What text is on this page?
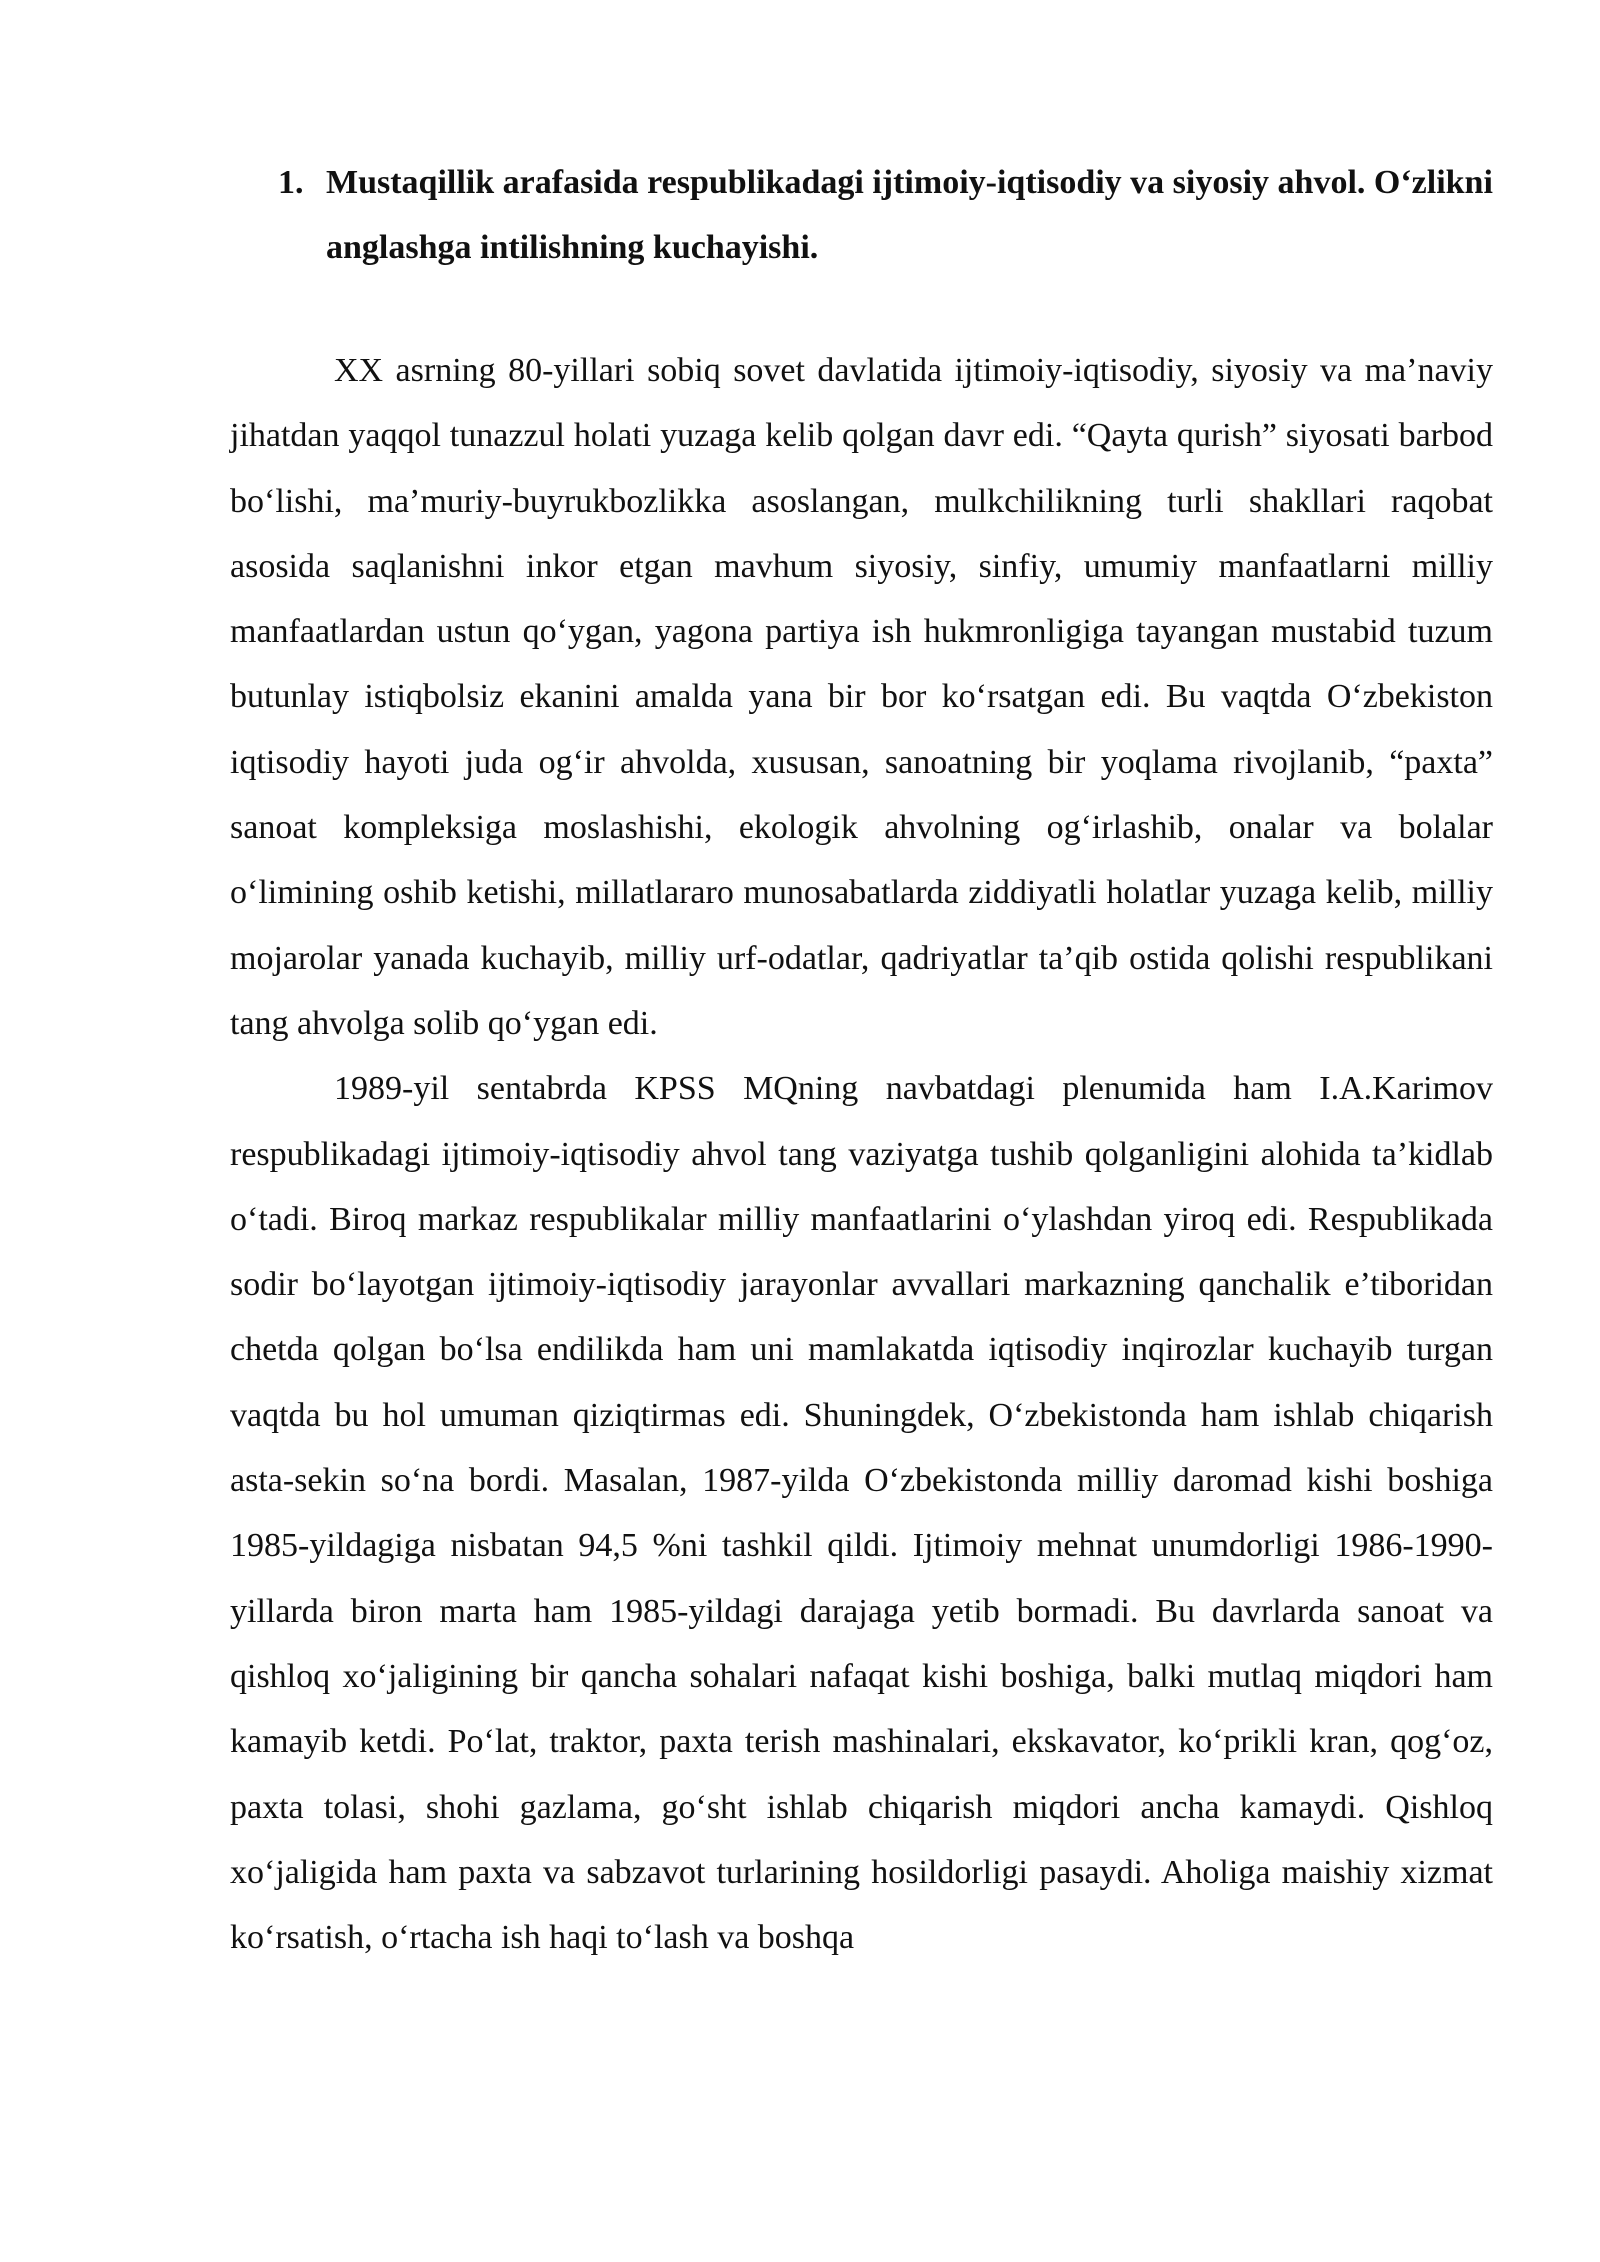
1. Mustaqillik arafasida respublikadagi ijtimoiy-iqtisodiy va siyosiy ahvol. O‘zlikni anglashga intilishning kuchayishi.

XX asrning 80-yillari sobiq sovet davlatida ijtimoiy-iqtisodiy, siyosiy va ma’naviy jihatdan yaqqol tunazzul holati yuzaga kelib qolgan davr edi. “Qayta qurish” siyosati barbod bo‘lishi, ma’muriy-buyrukbozlikka asoslangan, mulkchilikning turli shakllari raqobat asosida saqlanishni inkor etgan mavhum siyosiy, sinfiy, umumiy manfaatlarni milliy manfaatlardan ustun qo‘ygan, yagona partiya ish hukmronligiga tayangan mustabid tuzum butunlay istiqbolsiz ekanini amalda yana bir bor ko‘rsatgan edi. Bu vaqtda O‘zbekiston iqtisodiy hayoti juda og‘ir ahvolda, xususan, sanoatning bir yoqlama rivojlanib, “paxta” sanoat kompleksiga moslashishi, ekologik ahvolning og‘irlashib, onalar va bolalar o‘limining oshib ketishi, millatlararo munosabatlarda ziddiyatli holatlar yuzaga kelib, milliy mojarolar yanada kuchayib, milliy urf-odatlar, qadriyatlar ta’qib ostida qolishi respublikani tang ahvolga solib qo‘ygan edi.

1989-yil sentabrda KPSS MQning navbatdagi plenumida ham I.A.Karimov respublikadagi ijtimoiy-iqtisodiy ahvol tang vaziyatga tushib qolganligini alohida ta’kidlab o‘tadi. Biroq markaz respublikalar milliy manfaatlarini o‘ylashdan yiroq edi. Respublikada sodir bo‘layotgan ijtimoiy-iqtisodiy jarayonlar avvallari markazning qanchalik e’tiboridan chetda qolgan bo‘lsa endilikda ham uni mamlakatda iqtisodiy inqirozlar kuchayib turgan vaqtda bu hol umuman qiziqtirmas edi. Shuningdek, O‘zbekistonda ham ishlab chiqarish asta-sekin so‘na bordi. Masalan, 1987-yilda O‘zbekistonda milliy daromad kishi boshiga 1985-yildagiga nisbatan 94,5 %ni tashkil qildi. Ijtimoiy mehnat unumdorligi 1986-1990-yillarda biron marta ham 1985-yildagi darajaga yetib bormadi. Bu davrlarda sanoat va qishloq xo‘jaligining bir qancha sohalari nafaqat kishi boshiga, balki mutlaq miqdori ham kamayib ketdi. Po‘lat, traktor, paxta terish mashinalari, ekskavator, ko‘prikli kran, qog‘oz, paxta tolasi, shohi gazlama, go‘sht ishlab chiqarish miqdori ancha kamaydi. Qishloq xo‘jaligida ham paxta va sabzavot turlarining hosildorligi pasaydi. Aholiga maishiy xizmat ko‘rsatish, o‘rtacha ish haqi to‘lash va boshqa
